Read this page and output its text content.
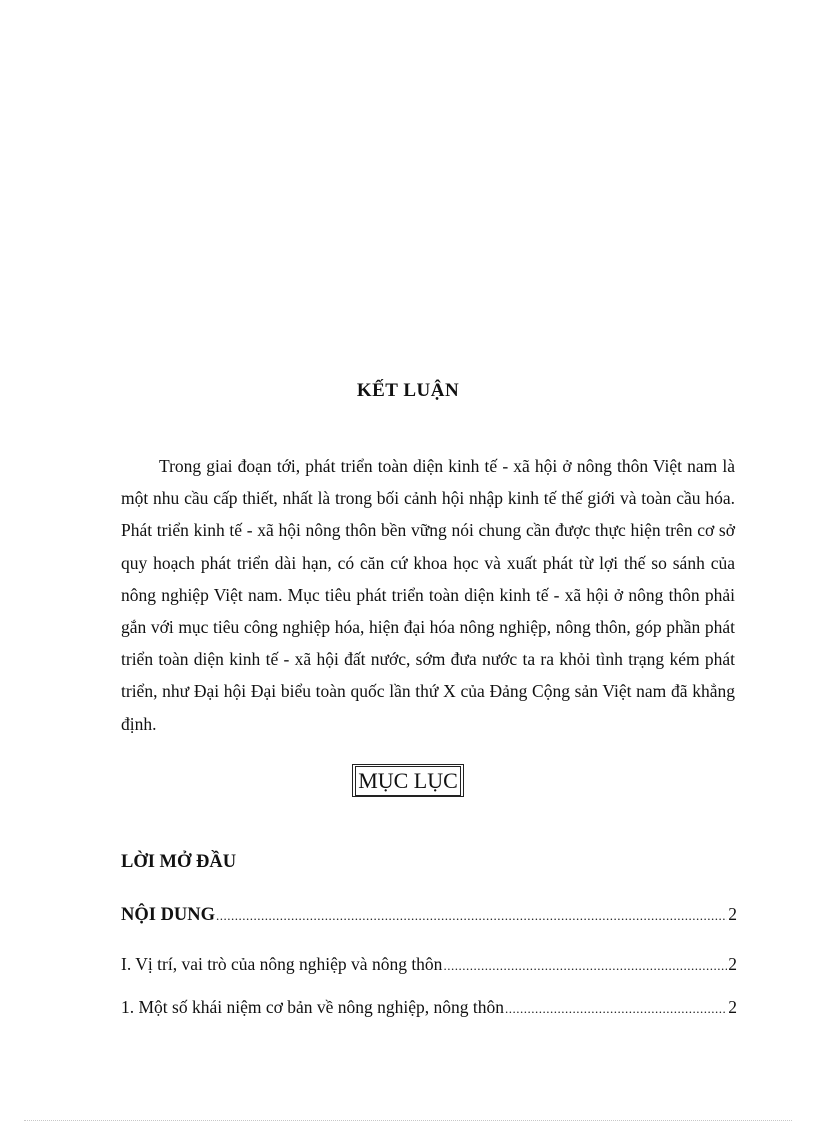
KẾT LUẬN

Trong giai đoạn tới, phát triển toàn diện kinh tế - xã hội ở nông thôn Việt nam là một nhu cầu cấp thiết, nhất là trong bối cảnh hội nhập kinh tế thế giới và toàn cầu hóa. Phát triển kinh tế - xã hội nông thôn bền vững nói chung cần được thực hiện trên cơ sở quy hoạch phát triển dài hạn, có căn cứ khoa học và xuất phát từ lợi thế so sánh của nông nghiệp Việt nam. Mục tiêu phát triển toàn diện kinh tế - xã hội ở nông thôn phải gắn với mục tiêu công nghiệp hóa, hiện đại hóa nông nghiệp, nông thôn, góp phần phát triển toàn diện kinh tế - xã hội đất nước, sớm đưa nước ta ra khỏi tình trạng kém phát triển, như Đại hội Đại biểu toàn quốc lần thứ X của Đảng Cộng sản Việt nam đã khẳng định.

MỤC LỤC
LỜI MỞ ĐẦU
NỘI DUNG .....	2
I. Vị trí, vai trò của nông nghiệp và nông thôn .....	2
1. Một số khái niệm cơ bản về nông nghiệp, nông thôn .....	2
